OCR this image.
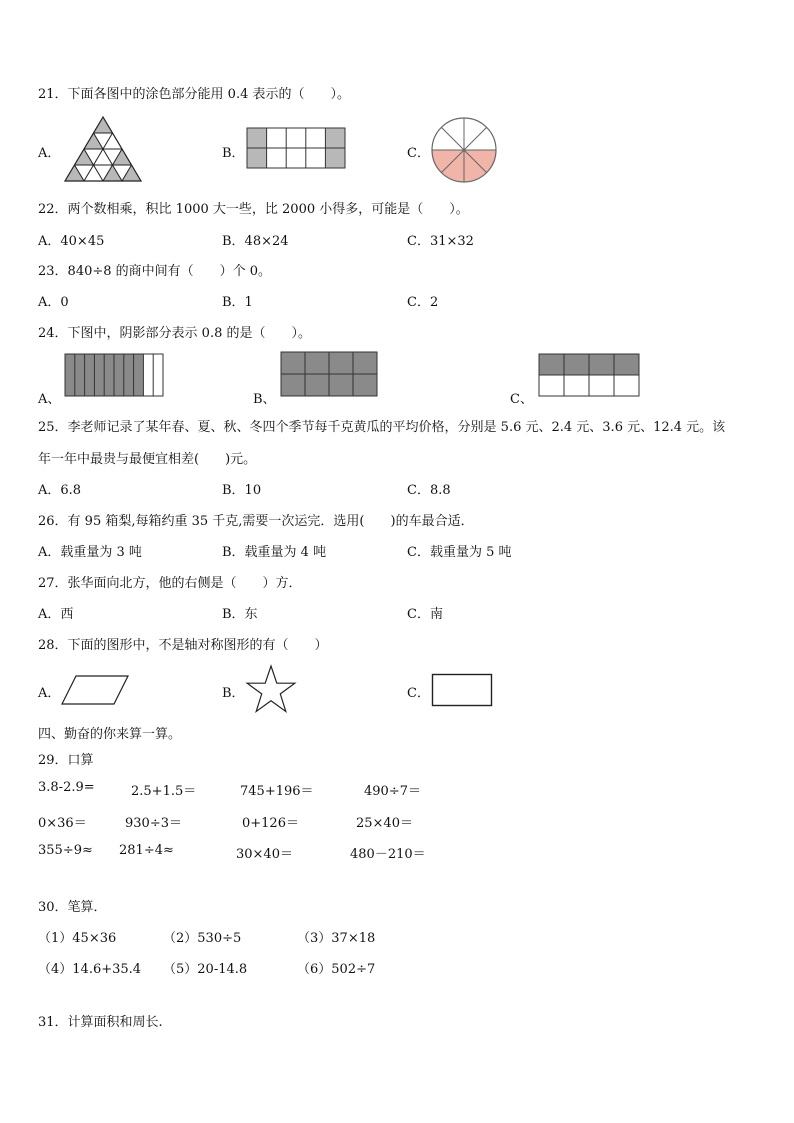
21．下面各图中的涂色部分能用 0.4 表示的（　　）。
A．	B．	C．
22．两个数相乘，积比 1000 大一些，比 2000 小得多，可能是（　　）。
A．40×45	B．48×24	C．31×32
23．840÷8 的商中间有（　　）个 0。
A．0	B．1	C．2
24．下图中，阴影部分表示 0.8 的是（　　）。
A、	B、	C、
25．李老师记录了某年春、夏、秋、冬四个季节每千克黄瓜的平均价格，分别是 5.6 元、2.4 元、3.6 元、12.4 元。该
年一年中最贵与最便宜相差(　　)元。
A．6.8	B．10	C．8.8
26．有 95 箱梨,每箱约重 35 千克,需要一次运完．选用(　　)的车最合适．
A．载重量为 3 吨	B．载重量为 4 吨	C．载重量为 5 吨
27．张华面向北方，他的右侧是（　　）方．
A．西	B．东	C．南
28．下面的图形中，不是轴对称图形的有（　　）
A．	B．	C．
四、勤奋的你来算一算。
29．口算
3.8-2.9=	2.5+1.5＝	745+196＝	490÷7＝
0×36＝	930÷3＝	0+126＝	25×40＝
355÷9≈ 281÷4≈	30×40＝	480－210＝
30．笔算．
（1）45×36	（2）530÷5	（3）37×18
（4）14.6+35.4 （5）20-14.8	（6）502÷7
31．计算面积和周长.
